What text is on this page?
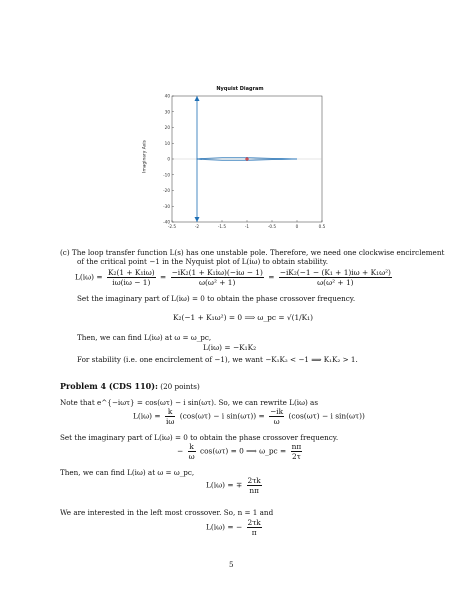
Nyquist Diagram
Imaginary Axis
-2.5	-2	-1.5	-1	-0.5	0	0.5
40
30
20
10
0
-10
-20
-30
-40
(c) The loop transfer function L(s) has one unstable pole. Therefore, we need one clockwise encirclement
of the critical point −1 in the Nyquist plot of L(iω) to obtain stability.
$L(i\omega) = \frac{\text{K₂(1 + K₁iω)}}{i\omega(i\omega - 1)} = \frac{\text{−iK₂(1 + K₁iω)(−iω − 1)}}{\text{ω(ω² + 1)}} = \frac{\text{−iK₂(−1 − (K₁ + 1)iω + K₁ω²)}}{\text{ω(ω² + 1)}}$
Set the imaginary part of L(iω) = 0 to obtain the phase crossover frequency.
K₂(−1 + K₁ω²) = 0 ⟹ ω_pc = √(1/K₁)
Then, we can find L(iω) at ω = ω_pc,
L(iω) = −K₁K₂
For stability (i.e. one encirclement of −1), we want −K₁K₂ < −1 ⟹ K₁K₂ > 1.
Problem 4 (CDS 110): (20 points)
Note that e^{−iωτ} = cos(ωτ) − i sin(ωτ). So, we can rewrite L(iω) as
$L(i\omega) = \frac{k}{i\omega} (\cos(\omega\tau) - i$ $\sin(\omega\tau)) = \frac{-ik}{\omega} (\cos(\omega\tau) - i$ sin(ωτ))
Set the imaginary part of L(iω) = 0 to obtain the phase crossover frequency.
− $\frac{k}{\omega} \cos(\omega\tau) = 0$ ⟹ ω_pc = $\frac{n\pi}{2\tau}$
Then, we can find L(iω) at ω = ω_pc,
L(iω) = ∓ $\frac{2\tau k}{n\pi}$
We are interested in the left most crossover. So, n = 1 and
L(iω) = − $\frac{2\tau k}{\pi}$
5
